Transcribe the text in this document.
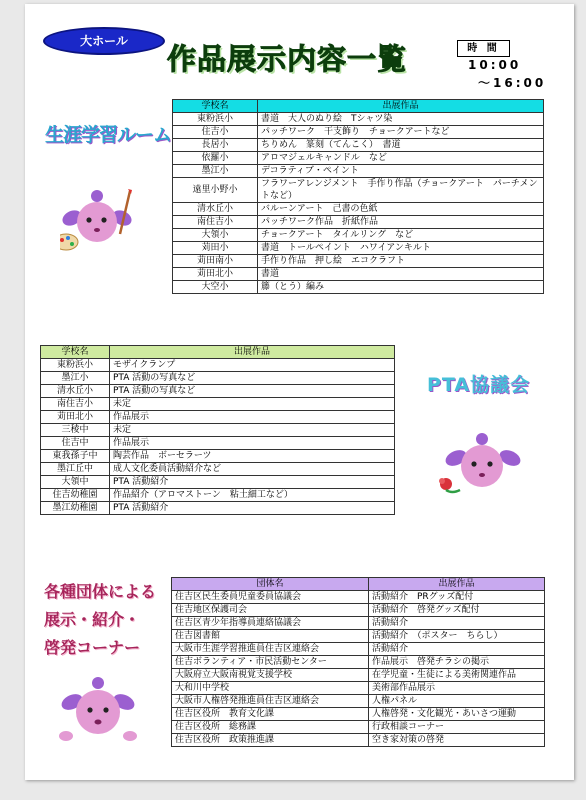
大ホール
作品展示内容一覧	時 間
10:00
～16:00
生涯学習ルーム
学校名	出展作品
東粉浜小	書道　大人のぬり絵　Tシャツ染
住吉小	パッチワーク　干支飾り　チョークアートなど
長居小	ちりめん　篆刻（てんこく）　書道
依羅小	アロマジェルキャンドル　など
墨江小	デコラティブ・ペイント
遠里小野小	フラワーアレンジメント　手作り作品（チョークアート　パーチメントなど）
清水丘小	バルーンアート　己書の色紙
南住吉小	パッチワーク作品　折紙作品
大領小	チョークアート　タイルリング　など
苅田小	書道　トールペイント　ハワイアンキルト
苅田南小	手作り作品　押し絵　エコクラフト
苅田北小	書道
大空小	籐（とう）編み
学校名	出展作品
東粉浜小	モザイクランプ
墨江小	PTA 活動の写真など
清水丘小	PTA 活動の写真など
南住吉小	未定
苅田北小	作品展示
三稜中	未定
住吉中	作品展示
東我孫子中	陶芸作品　ボーセラーツ
墨江丘中	成人文化委員活動紹介など
大領中	PTA 活動紹介
住吉幼稚園	作品紹介（アロマストーン　粘土細工など）
墨江幼稚園	PTA 活動紹介
PTA協議会
各種団体による
展示・紹介・
啓発コーナー
団体名	出展作品
住吉区民生委員児童委員協議会	活動紹介　PRグッズ配付
住吉地区保護司会	活動紹介　啓発グッズ配付
住吉区青少年指導員連絡協議会	活動紹介
住吉図書館	活動紹介　（ポスター　ちらし）
大阪市生涯学習推進員住吉区連絡会	活動紹介
住吉ボランティア・市民活動センター	作品展示　啓発チラシの掲示
大阪府立大阪南視覚支援学校	在学児童・生徒による美術関連作品
大和川中学校	美術部作品展示
大阪市人権啓発推進員住吉区連絡会	人権パネル
住吉区役所　教育文化課	人権啓発・文化観光・あいさつ運動
住吉区役所　総務課	行政相談コーナー
住吉区役所　政策推進課	空き家対策の啓発
